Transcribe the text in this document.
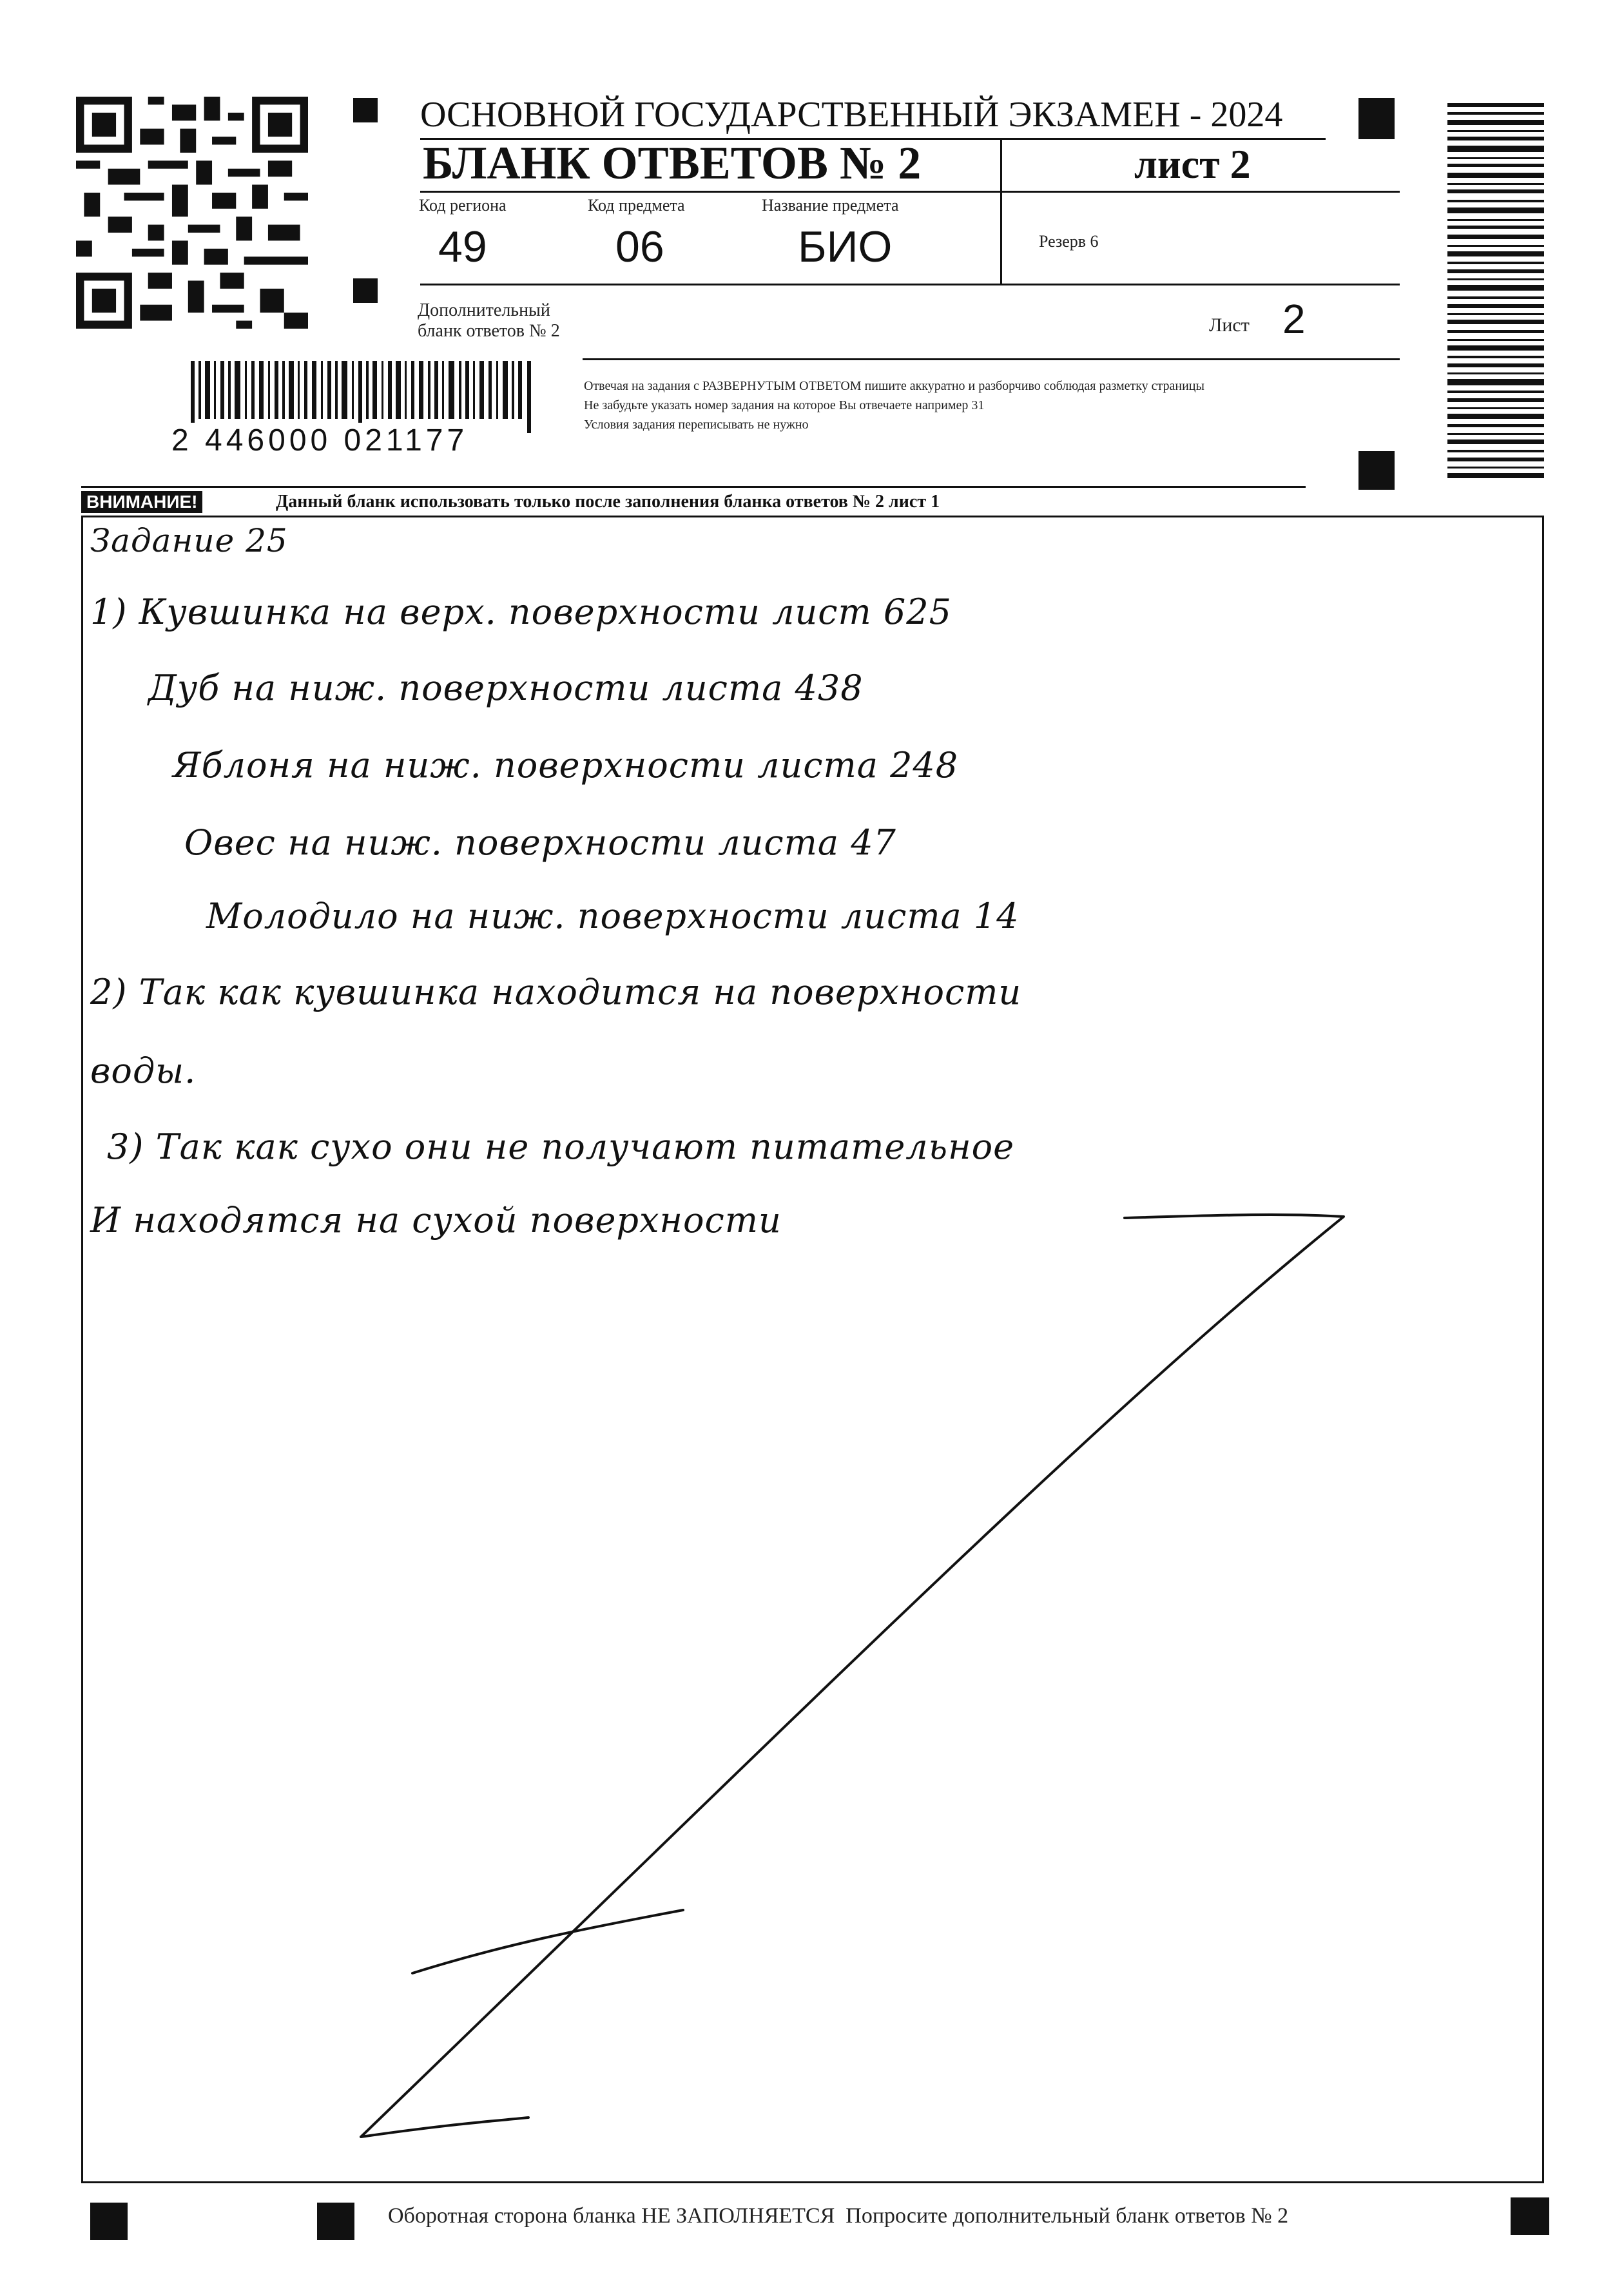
ОСНОВНОЙ ГОСУДАРСТВЕННЫЙ ЭКЗАМЕН - 2024
БЛАНК ОТВЕТОВ № 2	лист 2
Код региона
49
Код предмета
06
Название предмета
БИО	Резерв 6
Дополнительный
бланк ответов № 2	Лист 2
2 446000 021177
Отвечая на задания с РАЗВЕРНУТЫМ ОТВЕТОМ пишите аккуратно и разборчиво соблюдая разметку страницы
Не забудьте указать номер задания на которое Вы отвечаете например 31
Условия задания переписывать не нужно
ВНИМАНИЕ!	Данный бланк использовать только после заполнения бланка ответов № 2 лист 1
Задание 25
1) Кувшинка на верх. поверхности лист 625
Дуб на ниж. поверхности листа 438
Яблоня на ниж. поверхности листа 248
Овес на ниж. поверхности листа 47
Молодило на ниж. поверхности листа 14
2) Так как кувшинка находится на поверхности
воды.
3) Так как сухо они не получают питательное
И находятся на сухой поверхности
Оборотная сторона бланка НЕ ЗАПОЛНЯЕТСЯ  Попросите дополнительный бланк ответов № 2
